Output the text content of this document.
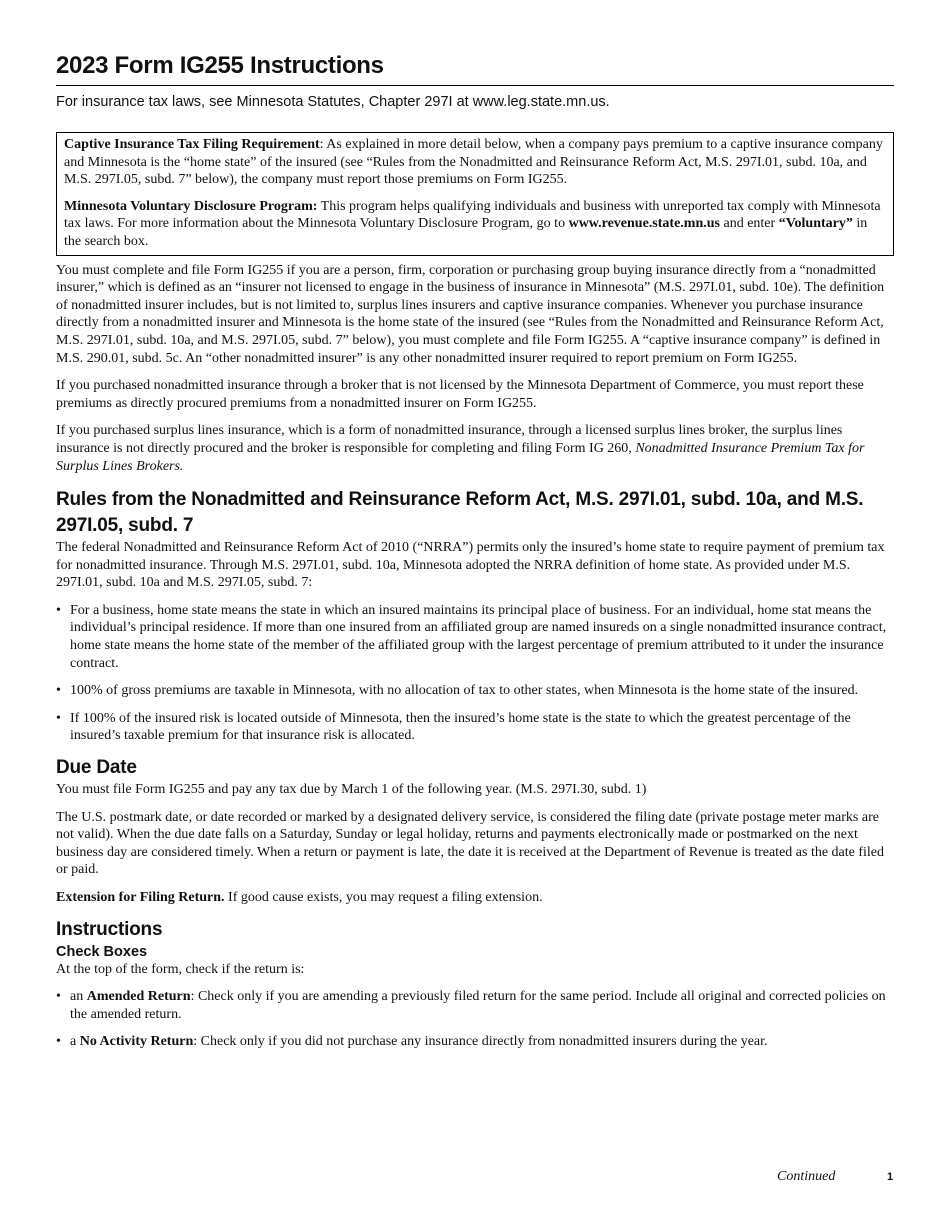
2023 Form IG255 Instructions
For insurance tax laws, see Minnesota Statutes, Chapter 297I at www.leg.state.mn.us.

Captive Insurance Tax Filing Requirement: As explained in more detail below, when a company pays premium to a captive insurance company and Minnesota is the “home state” of the insured (see “Rules from the Nonadmitted and Reinsurance Reform Act, M.S. 297I.01, subd. 10a, and M.S. 297I.05, subd. 7” below), the company must report those premiums on Form IG255.

Minnesota Voluntary Disclosure Program: This program helps qualifying individuals and business with unreported tax comply with Minnesota tax laws. For more information about the Minnesota Voluntary Disclosure Program, go to www.revenue.state.mn.us and enter “Voluntary” in the search box.

You must complete and file Form IG255 if you are a person, firm, corporation or purchasing group buying insurance directly from a “nonadmitted insurer,” which is defined as an “insurer not licensed to engage in the business of insurance in Minnesota” (M.S. 297I.01, subd. 10e). The definition of nonadmitted insurer includes, but is not limited to, surplus lines insurers and captive insurance companies. Whenever you purchase insurance directly from a nonadmitted insurer and Minnesota is the home state of the insured (see “Rules from the Nonadmitted and Reinsurance Reform Act, M.S. 297I.01, subd. 10a, and M.S. 297I.05, subd. 7” below), you must complete and file Form IG255. A “captive insurance company” is defined in M.S. 290.01, subd. 5c. An “other nonadmitted insurer” is any other nonadmitted insurer required to report premium on Form IG255.

If you purchased nonadmitted insurance through a broker that is not licensed by the Minnesota Department of Commerce, you must report these premiums as directly procured premiums from a nonadmitted insurer on Form IG255.

If you purchased surplus lines insurance, which is a form of nonadmitted insurance, through a licensed surplus lines broker, the surplus lines insurance is not directly procured and the broker is responsible for completing and filing Form IG 260, Nonadmitted Insurance Premium Tax for Surplus Lines Brokers.

Rules from the Nonadmitted and Reinsurance Reform Act, M.S. 297I.01, subd. 10a, and M.S. 297I.05, subd. 7

The federal Nonadmitted and Reinsurance Reform Act of 2010 (“NRRA”) permits only the insured’s home state to require payment of premium tax for nonadmitted insurance. Through M.S. 297I.01, subd. 10a, Minnesota adopted the NRRA definition of home state. As provided under M.S. 297I.01, subd. 10a and M.S. 297I.05, subd. 7:

• For a business, home state means the state in which an insured maintains its principal place of business. For an individual, home stat means the individual’s principal residence. If more than one insured from an affiliated group are named insureds on a single nonadmitted insurance contract, home state means the home state of the member of the affiliated group with the largest percentage of premium attributed to it under the insurance contract.
• 100% of gross premiums are taxable in Minnesota, with no allocation of tax to other states, when Minnesota is the home state of the insured.
• If 100% of the insured risk is located outside of Minnesota, then the insured’s home state is the state to which the greatest percentage of the insured’s taxable premium for that insurance risk is allocated.
Due Date

You must file Form IG255 and pay any tax due by March 1 of the following year. (M.S. 297I.30, subd. 1)

The U.S. postmark date, or date recorded or marked by a designated delivery service, is considered the filing date (private postage meter marks are not valid). When the due date falls on a Saturday, Sunday or legal holiday, returns and payments electronically made or postmarked on the next business day are considered timely. When a return or payment is late, the date it is received at the Department of Revenue is treated as the date filed or paid.

Extension for Filing Return. If good cause exists, you may request a filing extension.

Instructions
Check Boxes

At the top of the form, check if the return is:

• an Amended Return: Check only if you are amending a previously filed return for the same period. Include all original and corrected policies on the amended return.
• a No Activity Return: Check only if you did not purchase any insurance directly from nonadmitted insurers during the year.
Continued	1
